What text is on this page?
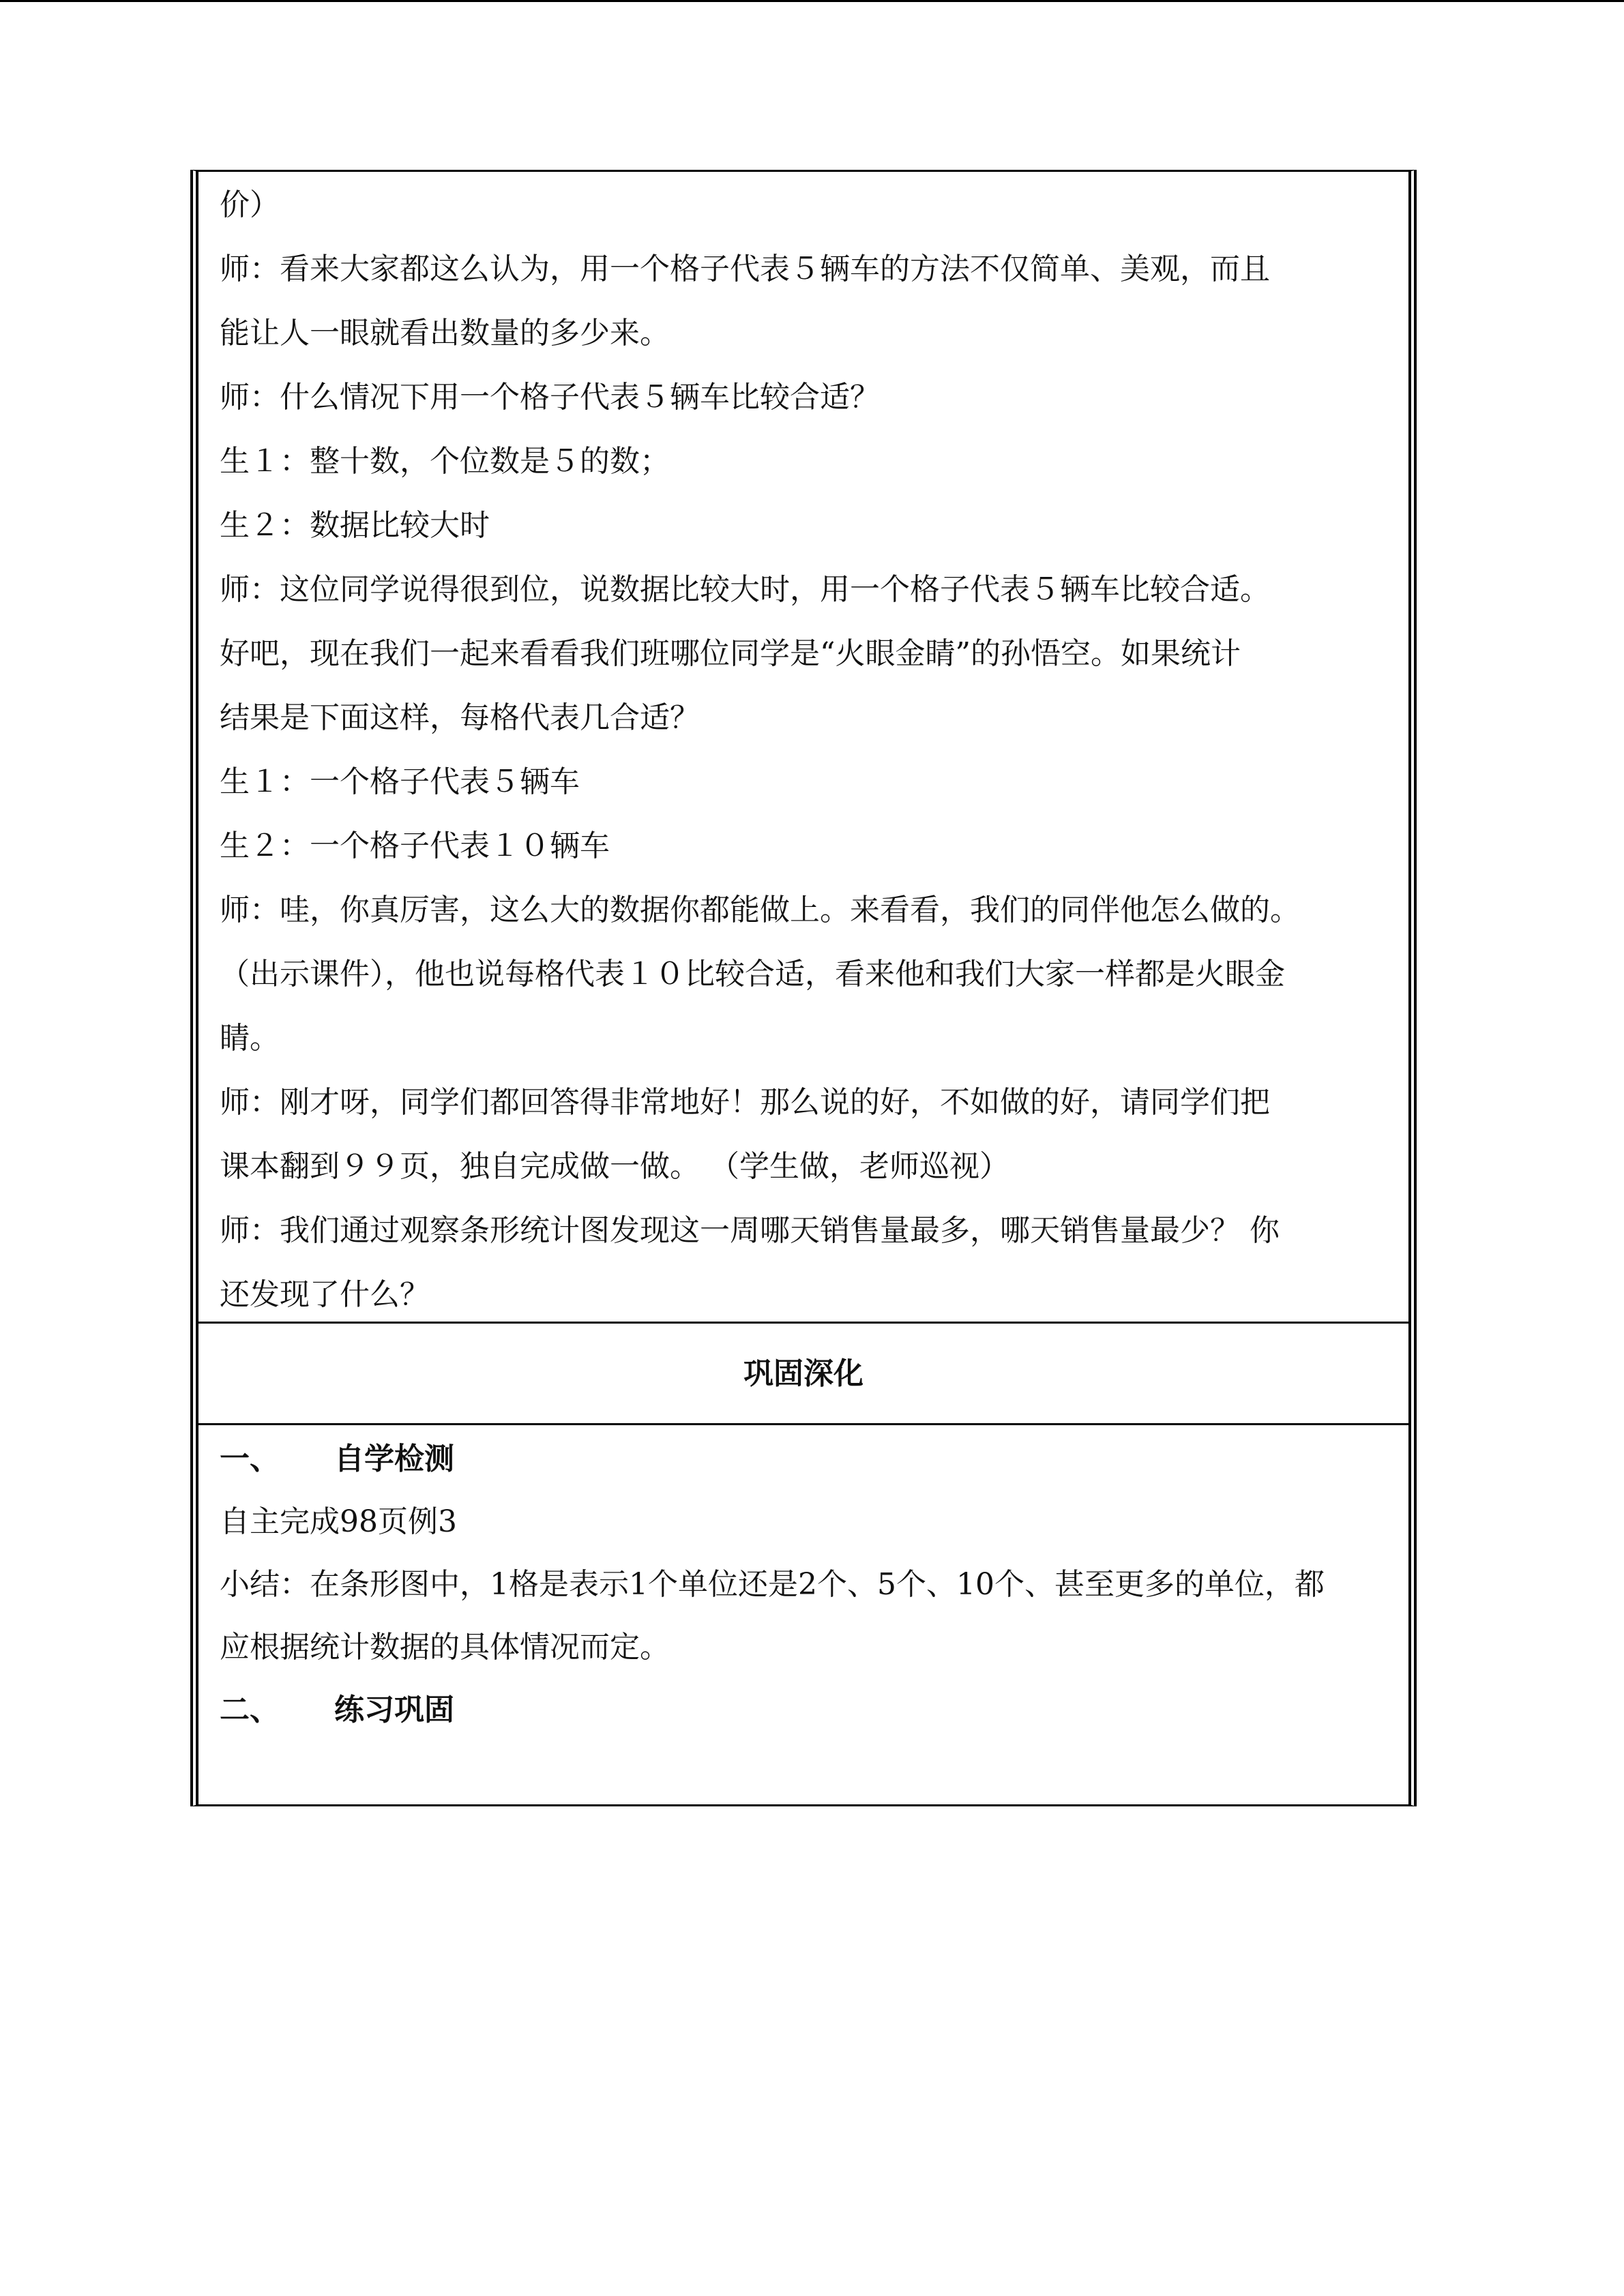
价）

师：看来大家都这么认为，用一个格子代表５辆车的方法不仅简单、美观，而且

能让人一眼就看出数量的多少来。

师：什么情况下用一个格子代表５辆车比较合适？

生１：整十数，个位数是５的数；

生２：数据比较大时

师：这位同学说得很到位，说数据比较大时，用一个格子代表５辆车比较合适。

好吧，现在我们一起来看看我们班哪位同学是“火眼金睛”的孙悟空。如果统计

结果是下面这样，每格代表几合适？

生１：一个格子代表５辆车

生２：一个格子代表１０辆车

师：哇，你真厉害，这么大的数据你都能做上。来看看，我们的同伴他怎么做的。

（出示课件），他也说每格代表１０比较合适，看来他和我们大家一样都是火眼金

睛。

师：刚才呀，同学们都回答得非常地好！那么说的好，不如做的好，请同学们把

课本翻到９９页，独自完成做一做。 （学生做，老师巡视）

师：我们通过观察条形统计图发现这一周哪天销售量最多，哪天销售量最少？ 你

还发现了什么？

巩固深化

一、 自学检测

自主完成98页例3

小结：在条形图中，1格是表示1个单位还是2个、5个、10个、甚至更多的单位，都

应根据统计数据的具体情况而定。

二、 练习巩固
